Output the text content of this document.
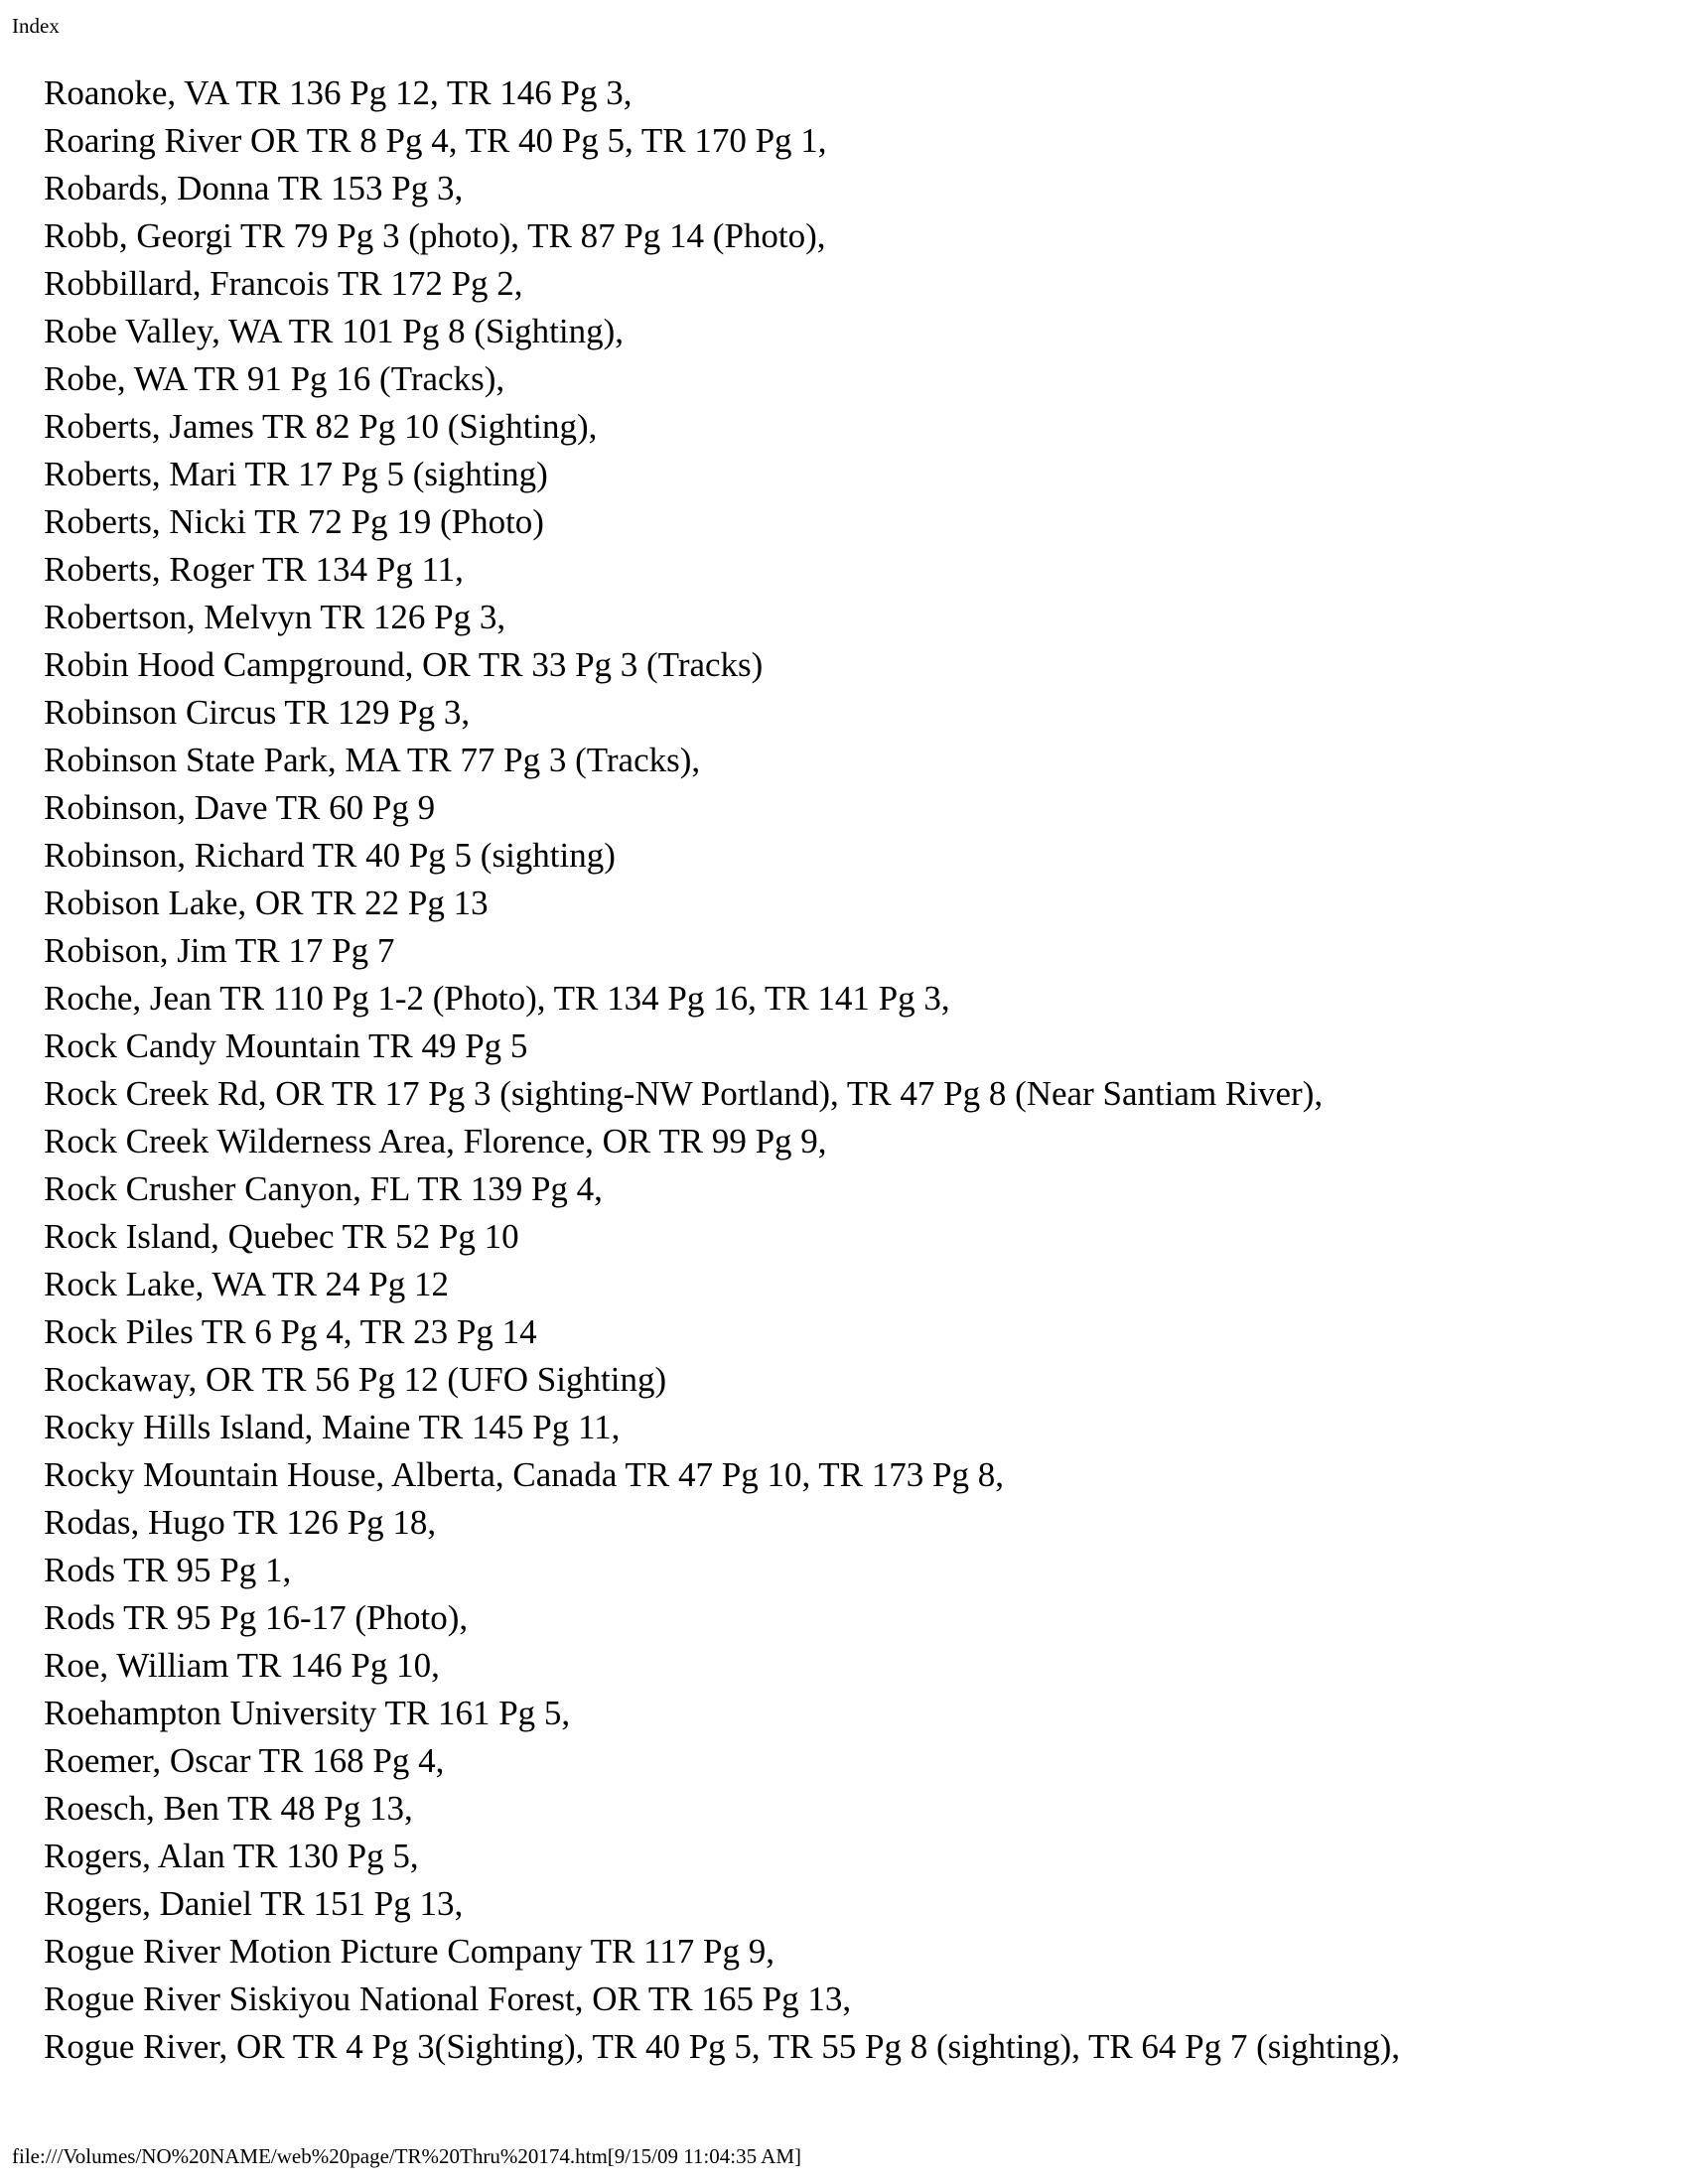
Index
Roanoke, VA TR 136 Pg 12, TR 146 Pg 3,
Roaring River OR TR 8 Pg 4, TR 40 Pg 5, TR 170 Pg 1,
Robards, Donna TR 153 Pg 3,
Robb, Georgi TR 79 Pg 3 (photo), TR 87 Pg 14 (Photo),
Robbillard, Francois TR 172 Pg 2,
Robe Valley, WA TR 101 Pg 8 (Sighting),
Robe, WA TR 91 Pg 16 (Tracks),
Roberts, James TR 82 Pg 10 (Sighting),
Roberts, Mari TR 17 Pg 5 (sighting)
Roberts, Nicki TR 72 Pg 19 (Photo)
Roberts, Roger TR 134 Pg 11,
Robertson, Melvyn TR 126 Pg 3,
Robin Hood Campground, OR TR 33 Pg 3 (Tracks)
Robinson Circus TR 129 Pg 3,
Robinson State Park, MA TR 77 Pg 3 (Tracks),
Robinson, Dave TR 60 Pg 9
Robinson, Richard TR 40 Pg 5 (sighting)
Robison Lake, OR TR 22 Pg 13
Robison, Jim TR 17 Pg 7
Roche, Jean TR 110 Pg 1-2 (Photo), TR 134 Pg 16, TR 141 Pg 3,
Rock Candy Mountain TR 49 Pg 5
Rock Creek Rd, OR TR 17 Pg 3 (sighting-NW Portland), TR 47 Pg 8 (Near Santiam River),
Rock Creek Wilderness Area, Florence, OR TR 99 Pg 9,
Rock Crusher Canyon, FL TR 139 Pg 4,
Rock Island, Quebec TR 52 Pg 10
Rock Lake, WA TR 24 Pg 12
Rock Piles TR 6 Pg 4, TR 23 Pg 14
Rockaway, OR TR 56 Pg 12 (UFO Sighting)
Rocky Hills Island, Maine TR 145 Pg 11,
Rocky Mountain House, Alberta, Canada TR 47 Pg 10, TR 173 Pg 8,
Rodas, Hugo TR 126 Pg 18,
Rods TR 95 Pg 1,
Rods TR 95 Pg 16-17 (Photo),
Roe, William TR 146 Pg 10,
Roehampton University TR 161 Pg 5,
Roemer, Oscar TR 168 Pg 4,
Roesch, Ben TR 48 Pg 13,
Rogers, Alan TR 130 Pg 5,
Rogers, Daniel TR 151 Pg 13,
Rogue River Motion Picture Company TR 117 Pg 9,
Rogue River Siskiyou National Forest, OR TR 165 Pg 13,
Rogue River, OR TR 4 Pg 3(Sighting), TR 40 Pg 5, TR 55 Pg 8 (sighting), TR 64 Pg 7 (sighting),
file:///Volumes/NO%20NAME/web%20page/TR%20Thru%20174.htm[9/15/09 11:04:35 AM]
